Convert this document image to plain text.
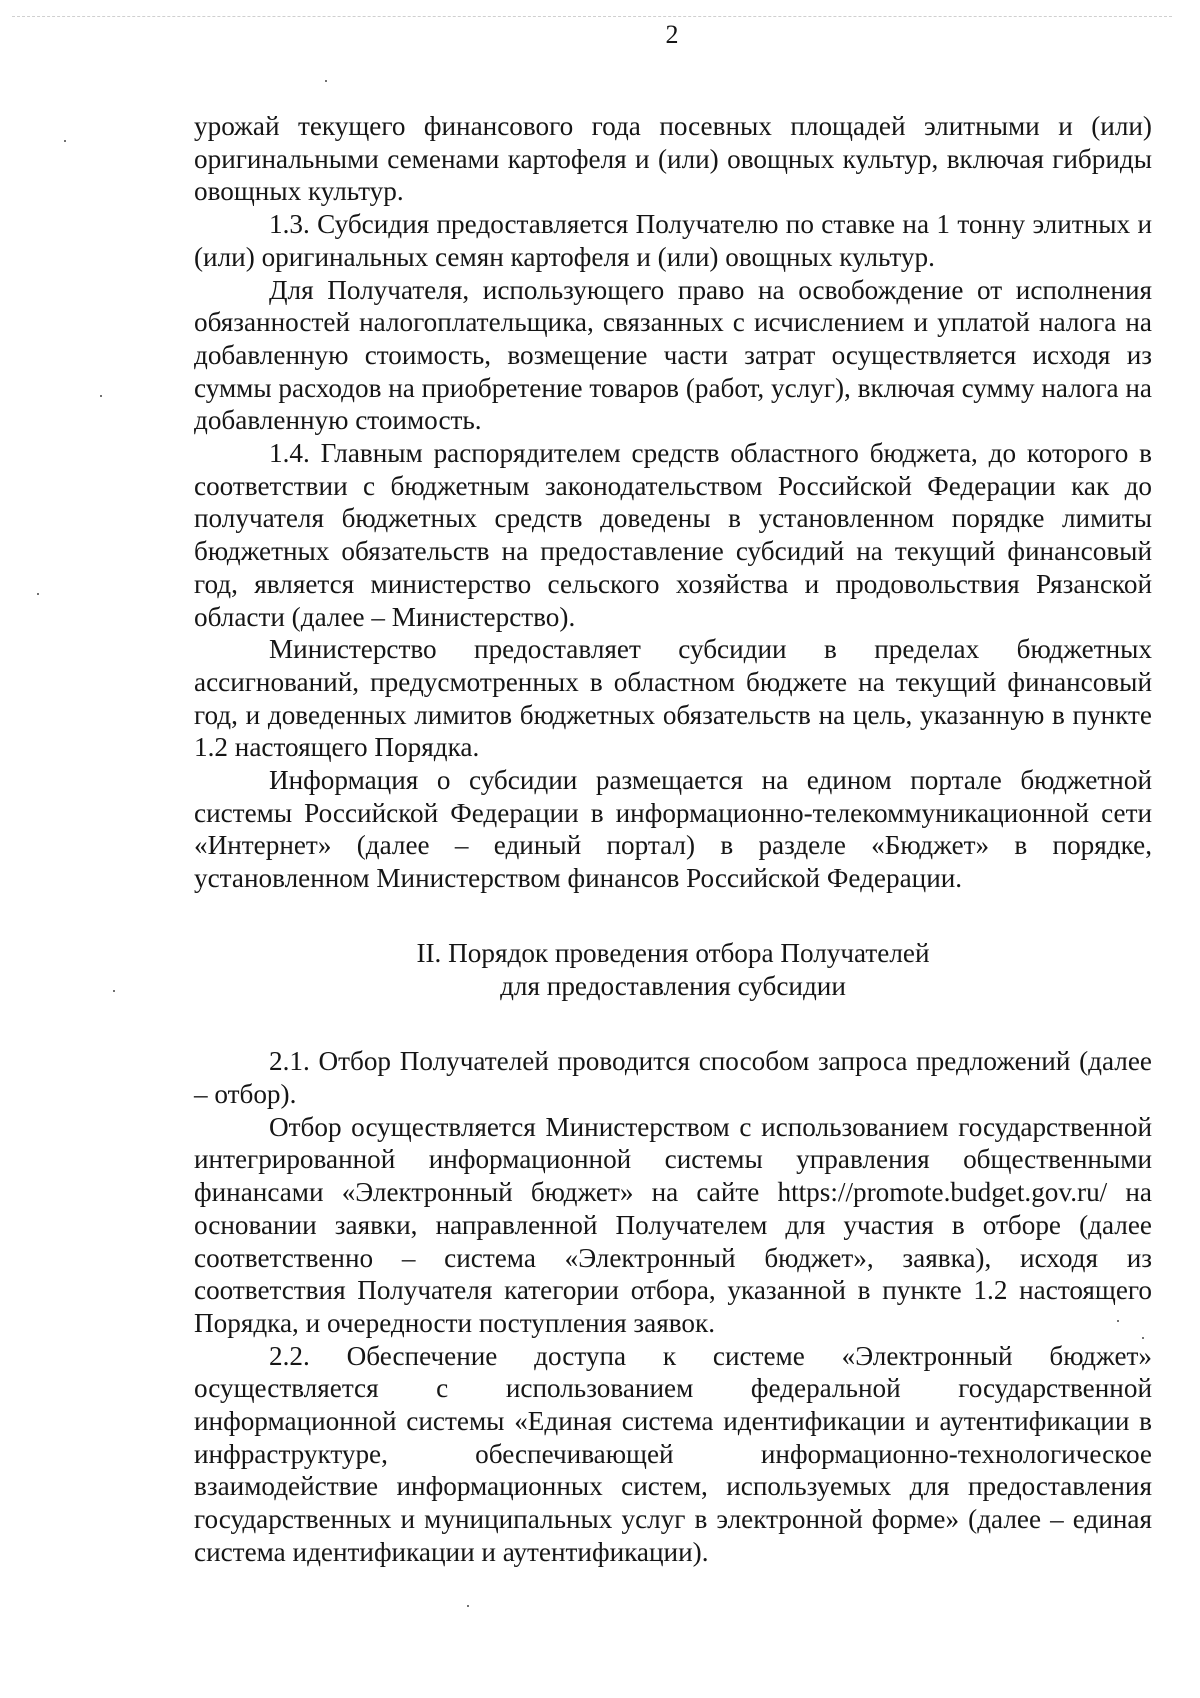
2

урожай текущего финансового года посевных площадей элитными и (или) оригинальными семенами картофеля и (или) овощных культур, включая гибриды овощных культур.

1.3. Субсидия предоставляется Получателю по ставке на 1 тонну элитных и (или) оригинальных семян картофеля и (или) овощных культур.

Для Получателя, использующего право на освобождение от исполнения обязанностей налогоплательщика, связанных с исчислением и уплатой налога на добавленную стоимость, возмещение части затрат осуществляется исходя из суммы расходов на приобретение товаров (работ, услуг), включая сумму налога на добавленную стоимость.

1.4. Главным распорядителем средств областного бюджета, до которого в соответствии с бюджетным законодательством Российской Федерации как до получателя бюджетных средств доведены в установленном порядке лимиты бюджетных обязательств на предоставление субсидий на текущий финансовый год, является министерство сельского хозяйства и продовольствия Рязанской области (далее – Министерство).

Министерство предоставляет субсидии в пределах бюджетных ассигнований, предусмотренных в областном бюджете на текущий финансовый год, и доведенных лимитов бюджетных обязательств на цель, указанную в пункте 1.2 настоящего Порядка.

Информация о субсидии размещается на едином портале бюджетной системы Российской Федерации в информационно-телекоммуникационной сети «Интернет» (далее – единый портал) в разделе «Бюджет» в порядке, установленном Министерством финансов Российской Федерации.

II. Порядок проведения отбора Получателей
для предоставления субсидии

2.1. Отбор Получателей проводится способом запроса предложений (далее – отбор).

Отбор осуществляется Министерством с использованием государственной интегрированной информационной системы управления общественными финансами «Электронный бюджет» на сайте https://promote.budget.gov.ru/ на основании заявки, направленной Получателем для участия в отборе (далее соответственно – система «Электронный бюджет», заявка), исходя из соответствия Получателя категории отбора, указанной в пункте 1.2 настоящего Порядка, и очередности поступления заявок.

2.2. Обеспечение доступа к системе «Электронный бюджет» осуществляется с использованием федеральной государственной информационной системы «Единая система идентификации и аутентификации в инфраструктуре, обеспечивающей информационно-технологическое взаимодействие информационных систем, используемых для предоставления государственных и муниципальных услуг в электронной форме» (далее – единая система идентификации и аутентификации).
